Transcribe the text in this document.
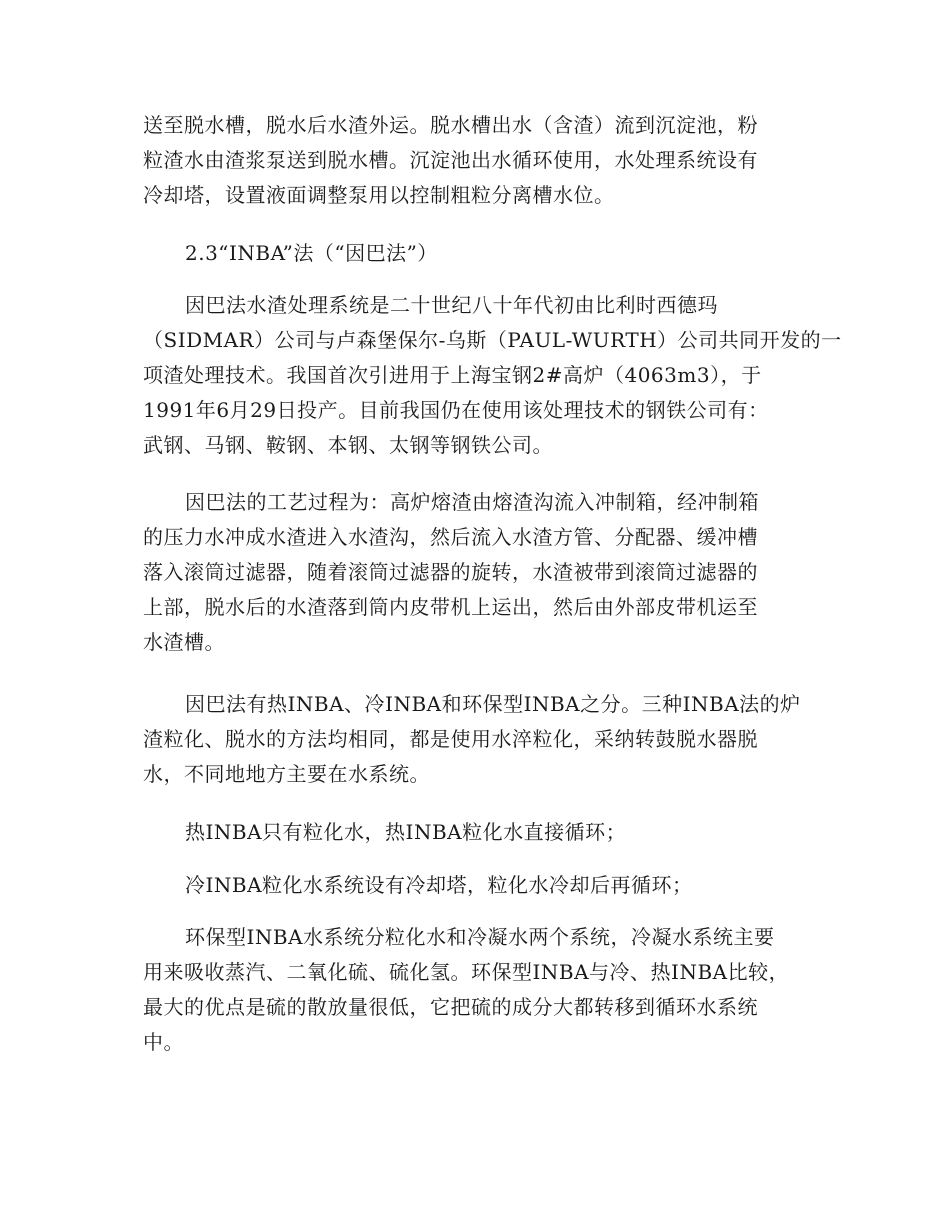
送至脱水槽，脱水后水渣外运。脱水槽出水（含渣）流到沉淀池，粉
粒渣水由渣浆泵送到脱水槽。沉淀池出水循环使用，水处理系统设有
冷却塔，设置液面调整泵用以控制粗粒分离槽水位。

2.3“INBA”法（“因巴法”）

因巴法水渣处理系统是二十世纪八十年代初由比利时西德玛
（SIDMAR）公司与卢森堡保尔-乌斯（PAUL-WURTH）公司共同开发的一
项渣处理技术。我国首次引进用于上海宝钢2#高炉（4063m3），于
1991年6月29日投产。目前我国仍在使用该处理技术的钢铁公司有：
武钢、马钢、鞍钢、本钢、太钢等钢铁公司。

因巴法的工艺过程为：高炉熔渣由熔渣沟流入冲制箱，经冲制箱
的压力水冲成水渣进入水渣沟，然后流入水渣方管、分配器、缓冲槽
落入滚筒过滤器，随着滚筒过滤器的旋转，水渣被带到滚筒过滤器的
上部，脱水后的水渣落到筒内皮带机上运出，然后由外部皮带机运至
水渣槽。

因巴法有热INBA、冷INBA和环保型INBA之分。三种INBA法的炉
渣粒化、脱水的方法均相同，都是使用水淬粒化，采纳转鼓脱水器脱
水，不同地地方主要在水系统。

热INBA只有粒化水，热INBA粒化水直接循环；

冷INBA粒化水系统设有冷却塔，粒化水冷却后再循环；

环保型INBA水系统分粒化水和冷凝水两个系统，冷凝水系统主要
用来吸收蒸汽、二氧化硫、硫化氢。环保型INBA与冷、热INBA比较，
最大的优点是硫的散放量很低，它把硫的成分大都转移到循环水系统
中。
